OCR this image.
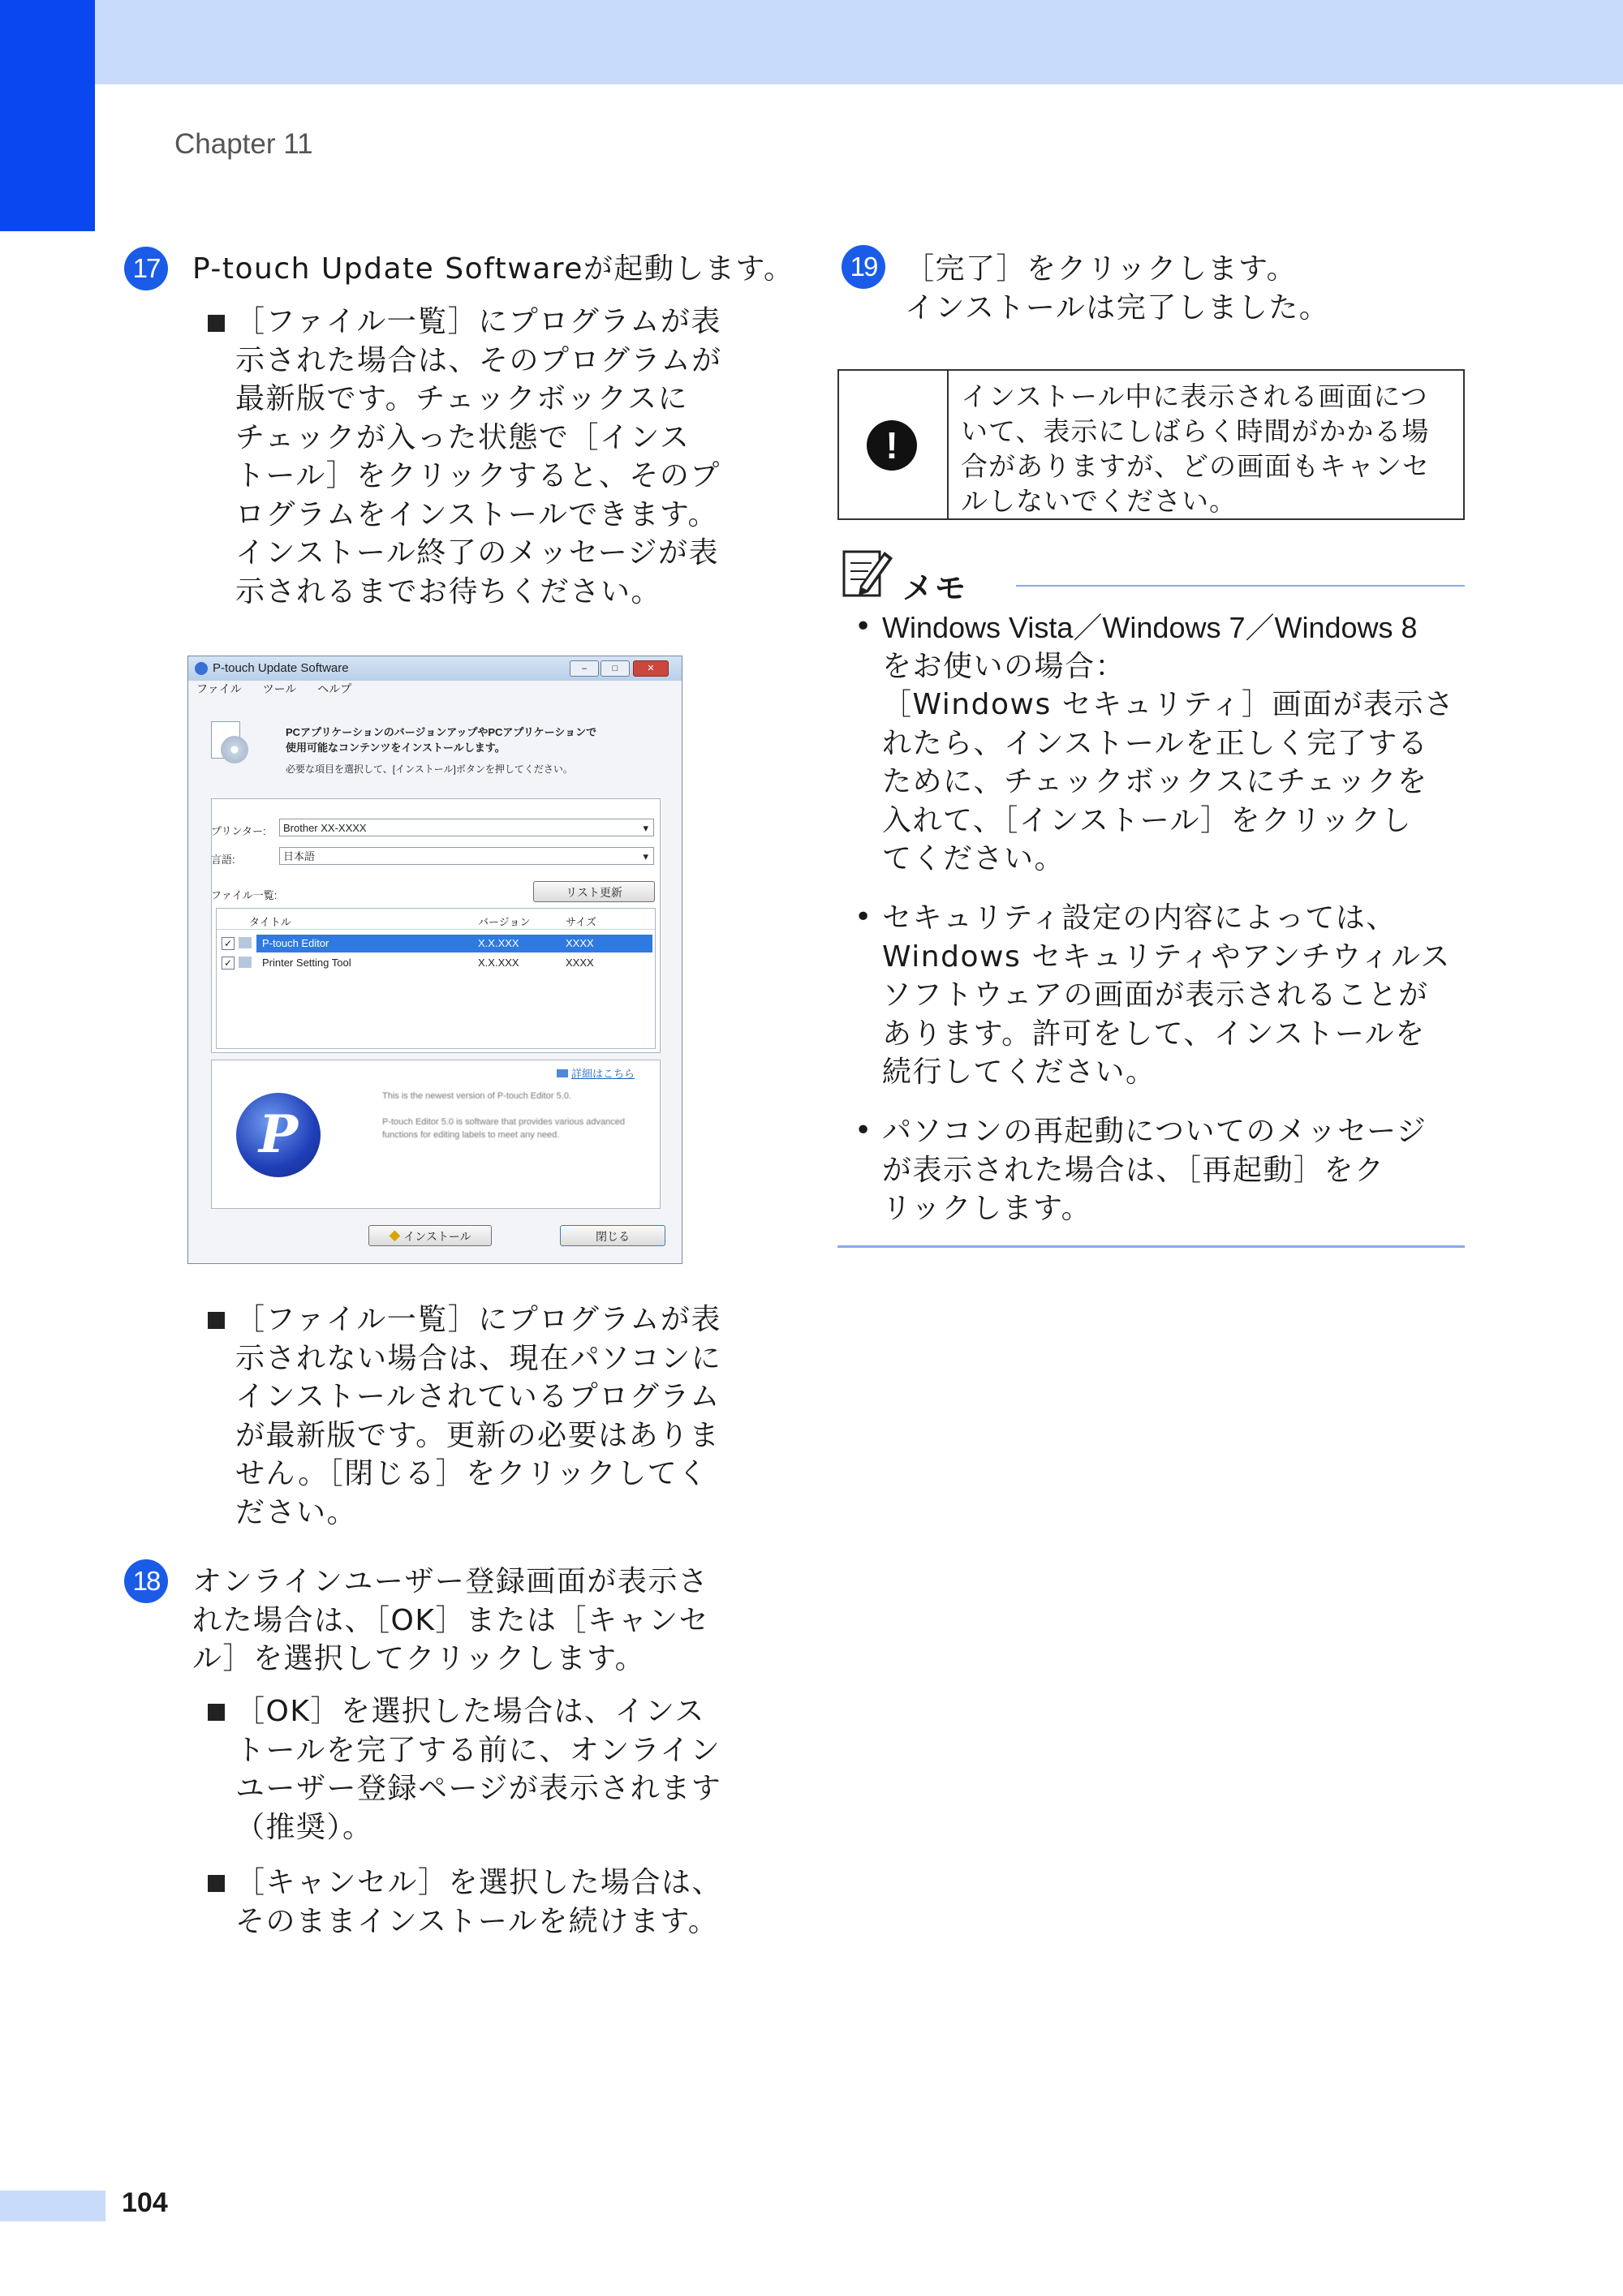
Chapter 11
17 P-touch Update Softwareが起動します。
［ファイル一覧］にプログラムが表
示された場合は、そのプログラムが
最新版です。チェックボックスに
チェックが入った状態で［インス
トール］をクリックすると、そのプ
ログラムをインストールできます。
インストール終了のメッセージが表
示されるまでお待ちください。
P-touch Update Software	–	□	✕
ファイル ツール ヘルプ
PCアプリケーションのバージョンアップやPCアプリケーションで
使用可能なコンテンツをインストールします。
必要な項目を選択して、[インストール]ボタンを押してください。
プリンター:	Brother XX-XXXX	▾
言語:	日本語	▾
ファイル一覧:	リスト更新
タイトル	バージョン	サイズ
✓	P-touch Editor	X.X.XXX	XXXX
✓	Printer Setting Tool	X.X.XXX	XXXX
詳細はこちら
P
This is the newest version of P-touch Editor 5.0.
P-touch Editor 5.0 is software that provides various advanced functions for editing labels to meet any need.
◆ インストール	閉じる
［ファイル一覧］にプログラムが表
示されない場合は、現在パソコンに
インストールされているプログラム
が最新版です。更新の必要はありま
せん。［閉じる］をクリックしてく
ださい。
18 オンラインユーザー登録画面が表示さ
れた場合は、［OK］または［キャンセ
ル］を選択してクリックします。
［OK］を選択した場合は、インス
トールを完了する前に、オンライン
ユーザー登録ページが表示されます
（推奨）。
［キャンセル］を選択した場合は、
そのままインストールを続けます。
19 ［完了］をクリックします。
インストールは完了しました。
!
インストール中に表示される画面につ
いて、表示にしばらく時間がかかる場
合がありますが、どの画面もキャンセ
ルしないでください。
メモ
• Windows Vista／Windows 7／Windows 8
をお使いの場合：
［Windows セキュリティ］画面が表示さ
れたら、インストールを正しく完了する
ために、チェックボックスにチェックを
入れて、［インストール］をクリックし
てください。
• セキュリティ設定の内容によっては、
Windows セキュリティやアンチウィルス
ソフトウェアの画面が表示されることが
あります。許可をして、インストールを
続行してください。
• パソコンの再起動についてのメッセージ
が表示された場合は、［再起動］をク
リックします。
104
